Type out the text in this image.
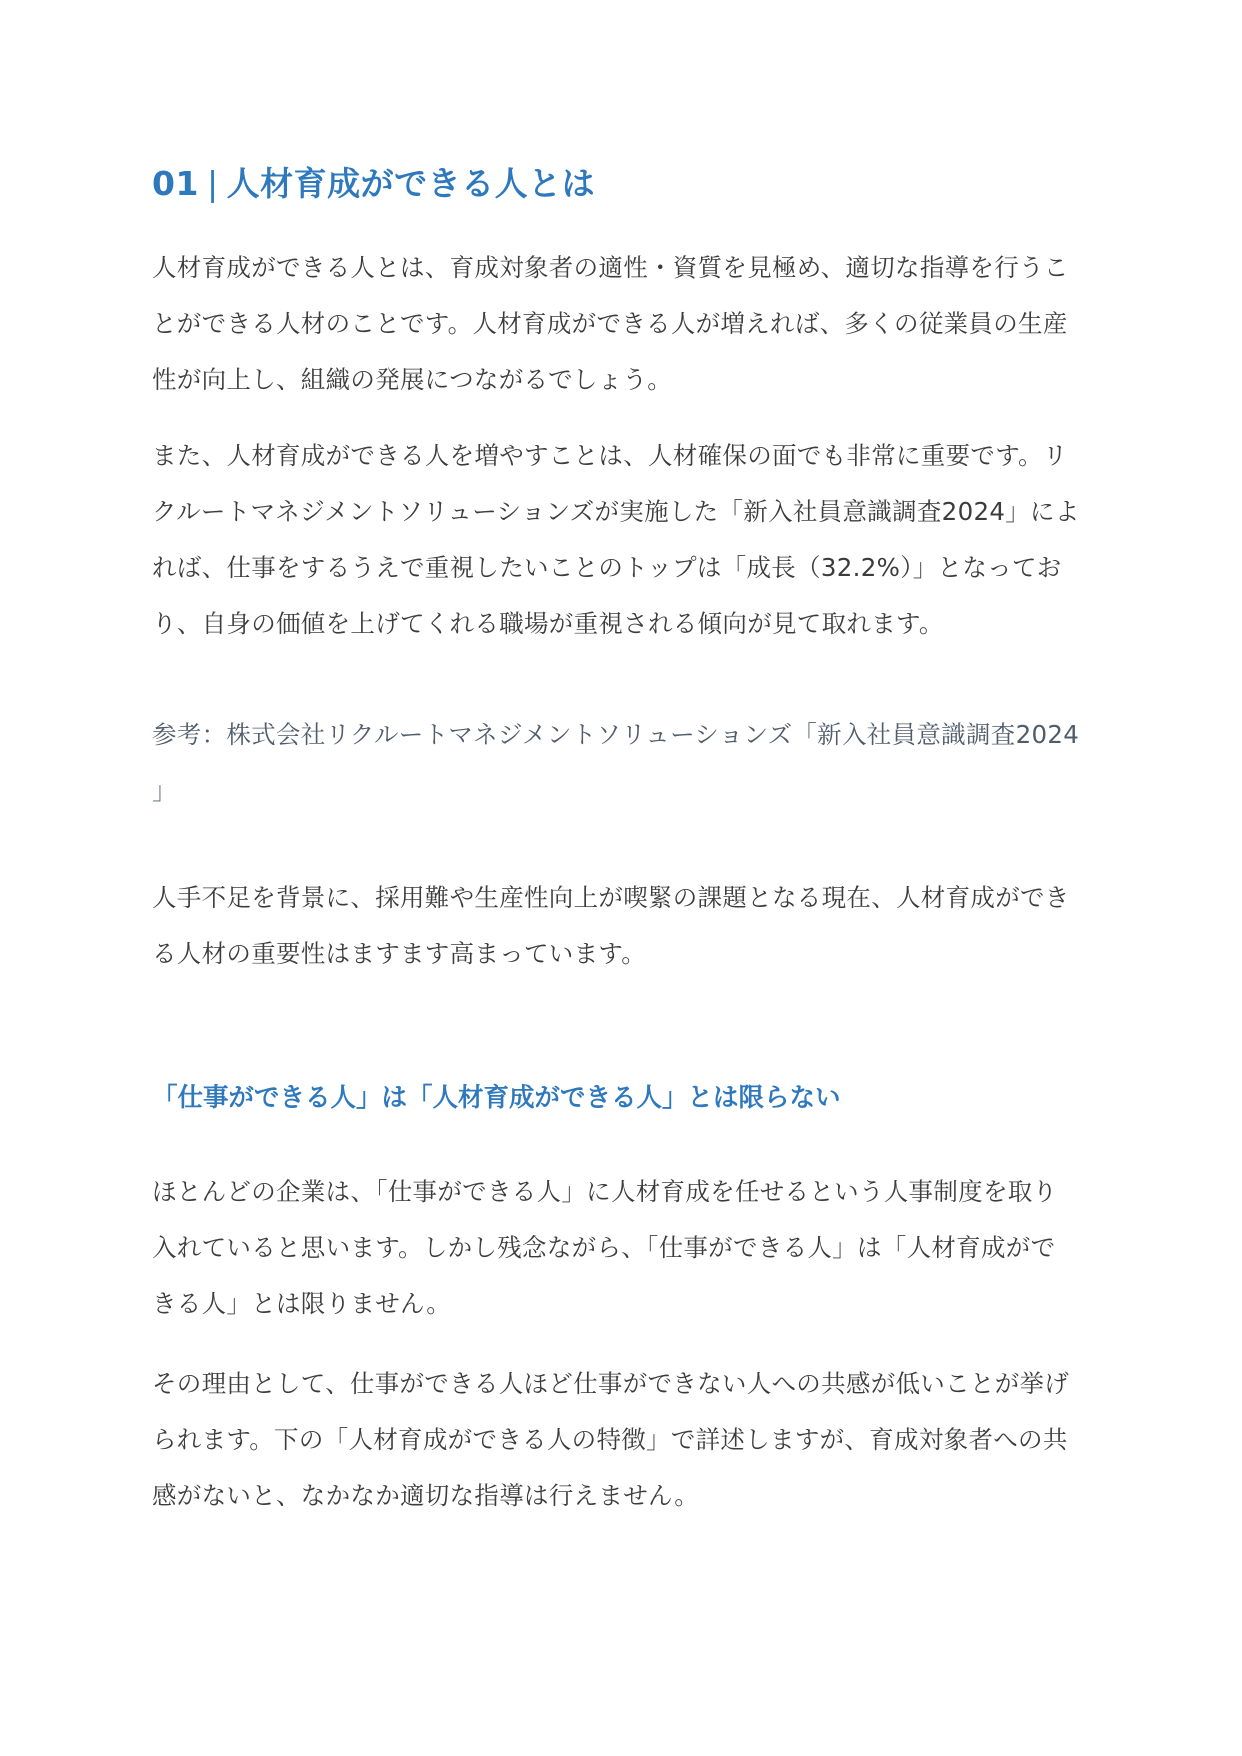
01 | 人材育成ができる人とは

人材育成ができる人とは、育成対象者の適性・資質を見極め、適切な指導を行うこ
とができる人材のことです。人材育成ができる人が増えれば、多くの従業員の生産
性が向上し、組織の発展につながるでしょう。

また、人材育成ができる人を増やすことは、人材確保の面でも非常に重要です。リ
クルートマネジメントソリューションズが実施した「新入社員意識調査2024」によ
れば、仕事をするうえで重視したいことのトップは「成長（32.2%）」となってお
り、自身の価値を上げてくれる職場が重視される傾向が見て取れます。

参考：株式会社リクルートマネジメントソリューションズ「新入社員意識調査2024
」

人手不足を背景に、採用難や生産性向上が喫緊の課題となる現在、人材育成ができ
る人材の重要性はますます高まっています。

「仕事ができる人」は「人材育成ができる人」とは限らない

ほとんどの企業は、「仕事ができる人」に人材育成を任せるという人事制度を取り
入れていると思います。しかし残念ながら、「仕事ができる人」は「人材育成がで
きる人」とは限りません。

その理由として、仕事ができる人ほど仕事ができない人への共感が低いことが挙げ
られます。下の「人材育成ができる人の特徴」で詳述しますが、育成対象者への共
感がないと、なかなか適切な指導は行えません。
